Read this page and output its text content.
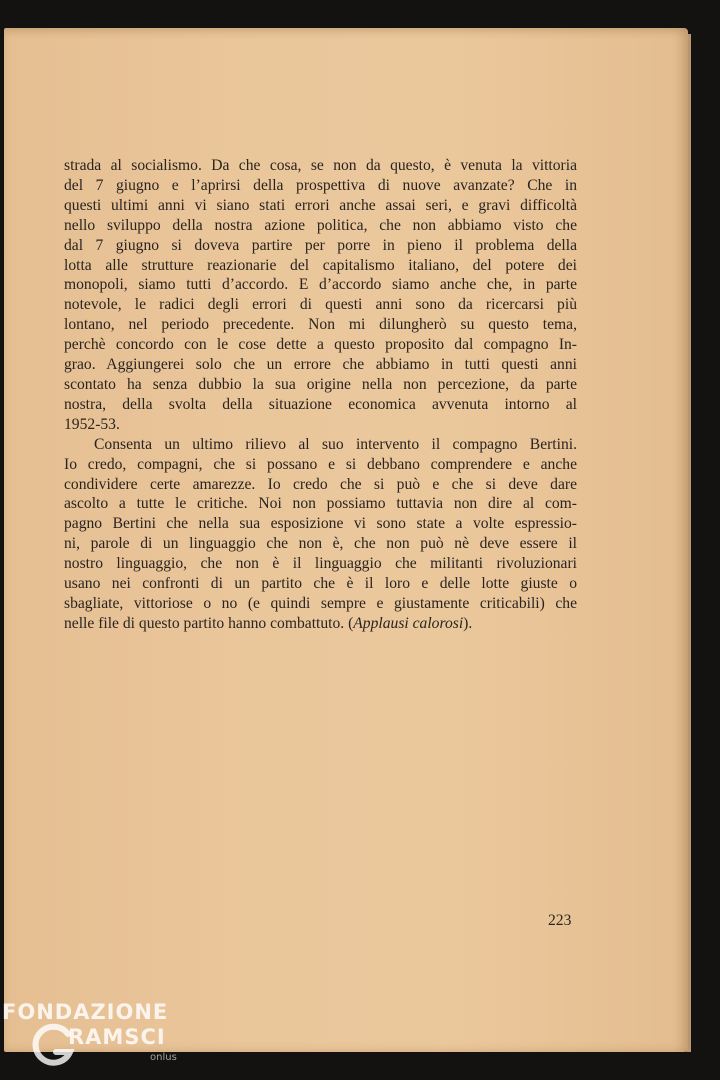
strada al socialismo. Da che cosa, se non da questo, è venuta la vittoria
del 7 giugno e l’aprirsi della prospettiva di nuove avanzate? Che in
questi ultimi anni vi siano stati errori anche assai seri, e gravi difficoltà
nello sviluppo della nostra azione politica, che non abbiamo visto che
dal 7 giugno si doveva partire per porre in pieno il problema della
lotta alle strutture reazionarie del capitalismo italiano, del potere dei
monopoli, siamo tutti d’accordo. E d’accordo siamo anche che, in parte
notevole, le radici degli errori di questi anni sono da ricercarsi più
lontano, nel periodo precedente. Non mi dilungherò su questo tema,
perchè concordo con le cose dette a questo proposito dal compagno In-
grao. Aggiungerei solo che un errore che abbiamo in tutti questi anni
scontato ha senza dubbio la sua origine nella non percezione, da parte
nostra, della svolta della situazione economica avvenuta intorno al
1952-53.
Consenta un ultimo rilievo al suo intervento il compagno Bertini.
Io credo, compagni, che si possano e si debbano comprendere e anche
condividere certe amarezze. Io credo che si può e che si deve dare
ascolto a tutte le critiche. Noi non possiamo tuttavia non dire al com-
pagno Bertini che nella sua esposizione vi sono state a volte espressio-
ni, parole di un linguaggio che non è, che non può nè deve essere il
nostro linguaggio, che non è il linguaggio che militanti rivoluzionari
usano nei confronti di un partito che è il loro e delle lotte giuste o
sbagliate, vittoriose o no (e quindi sempre e giustamente criticabili) che
nelle file di questo partito hanno combattuto. (Applausi calorosi).
223
FONDAZIONE
RAMSCI
onlus
